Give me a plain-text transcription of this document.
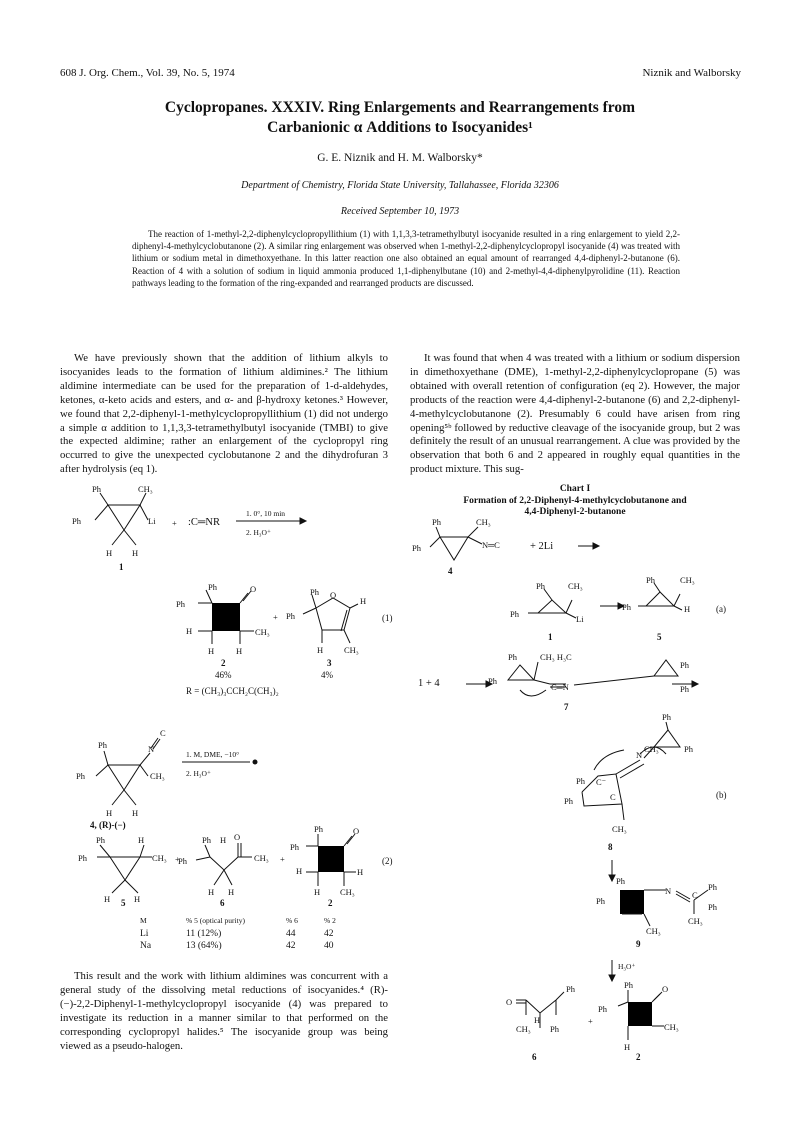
608 J. Org. Chem., Vol. 39, No. 5, 1974	Niznik and Walborsky
Cyclopropanes. XXXIV. Ring Enlargements and Rearrangements from
Carbanionic α Additions to Isocyanides¹
G. E. Niznik and H. M. Walborsky*
Department of Chemistry, Florida State University, Tallahassee, Florida 32306
Received September 10, 1973
The reaction of 1-methyl-2,2-diphenylcyclopropyllithium (1) with 1,1,3,3-tetramethylbutyl isocyanide resulted in a ring enlargement to yield 2,2-diphenyl-4-methylcyclobutanone (2). A similar ring enlargement was observed when 1-methyl-2,2-diphenylcyclopropyl isocyanide (4) was treated with lithium or sodium metal in dimethoxyethane. In this latter reaction one also obtained an equal amount of rearranged 4,4-diphenyl-2-butanone (6). Reaction of 4 with a solution of sodium in liquid ammonia produced 1,1-diphenylbutane (10) and 2-methyl-4,4-diphenylpyrolidine (11). Reaction pathways leading to the formation of the ring-expanded and rearranged products are discussed.
We have previously shown that the addition of lithium alkyls to isocyanides leads to the formation of lithium aldimines.² The lithium aldimine intermediate can be used for the preparation of 1-d-aldehydes, ketones, α-keto acids and esters, and α- and β-hydroxy ketones.³ However, we found that 2,2-diphenyl-1-methylcyclopropyllithium (1) did not undergo a simple α addition to 1,1,3,3-tetramethylbutyl isocyanide (TMBI) to give the expected aldimine; rather an enlargement of the cyclopropyl ring occurred to give the unexpected cyclobutanone 2 and the dihydrofuran 3 after hydrolysis (eq 1).
This result and the work with lithium aldimines was concurrent with a general study of the dissolving metal reductions of isocyanides.⁴ (R)-(−)-2,2-Diphenyl-1-methylcyclopropyl isocyanide (4) was prepared to investigate its reduction in a manner similar to that performed on the corresponding cyclopropyl halides.⁵ The isocyanide group was being viewed as a pseudo-halogen.
It was found that when 4 was treated with a lithium or sodium dispersion in dimethoxyethane (DME), 1-methyl-2,2-diphenylcyclopropane (5) was obtained with overall retention of configuration (eq 2). However, the major products of the reaction were 4,4-diphenyl-2-butanone (6) and 2,2-diphenyl-4-methylcyclobutanone (2). Presumably 6 could have arisen from ring opening⁵ᵇ followed by reductive cleavage of the isocyanide group, but 2 was definitely the result of an unusual rearrangement. A clue was provided by the observation that both 6 and 2 appeared in roughly equal quantities in the product mixture. This sug-
Chart I
Formation of 2,2-Diphenyl-4-methylcyclobutanone and
4,4-Diphenyl-2-butanone
Ph	CH₃
Ph	Li
H H
+
Ph	O
Ph
H	CH₃
H	H
+
Ph O
Ph
H
H CH₃
Ph	N
C
Ph	CH₃
H H
Ph	H
Ph	CH₃
H	H
+
Ph H O
Ph	CH₃
H H
+
Ph	O
Ph
H	H
H CH₃
:C═NR
1. 0°, 10 min
2. H₃O⁺
(1)
1
2	3
46%	4%
R = (CH₃)₃CCH₂C(CH₃)₂
1. M, DME, −10°
2. H₃O⁺
4, (R)-(−)
5	6	2
(2)
M	% 5 (optical purity)	% 6	% 2
Li	11 (12%)	44	42
Na	13 (64%)	42	40
Ph	CH₃
Ph	N═C
Ph	CH₃
Ph	Li
Ph	CH₃
Ph	H
Ph	CH₃ H₃C
Ph
C═N
Ph
Ph
Ph
CH₃	Ph
Ph C⁻
Ph	C
N
CH₃
Ph
Ph
N C
Ph
Ph
CH₃
CH₃
O
H
Ph
CH₃ Ph
+
Ph	O
Ph
CH₃
H
+ 2Li
4
1	5
(a)
1 + 4
7
(b)
8
9
H₃O⁺
6	2
